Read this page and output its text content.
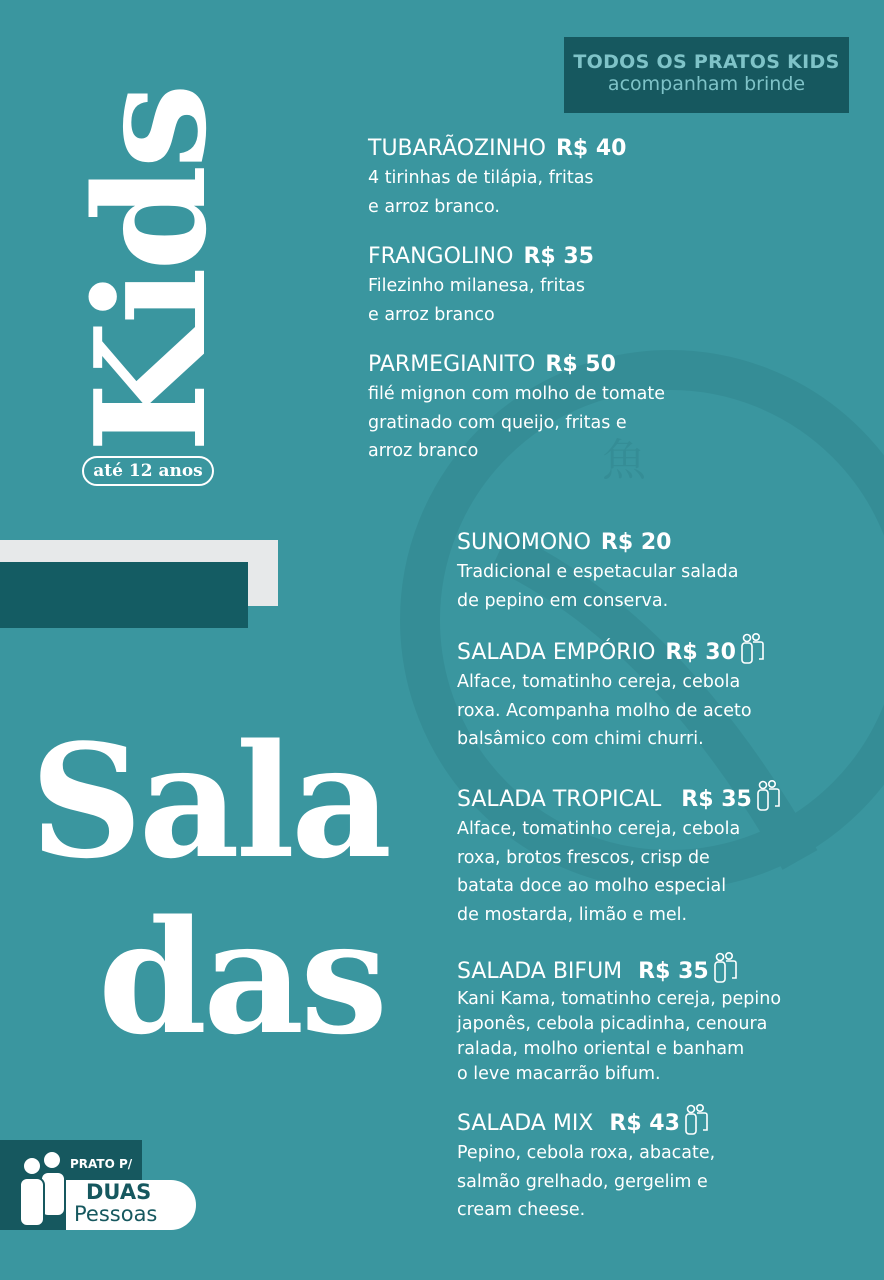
魚
TODOS OS PRATOS KIDS
acompanham brinde
Kids
até 12 anos
TUBARÃOZINHO R$ 40
4 tirinhas de tilápia, fritas
e arroz branco.
FRANGOLINO R$ 35
Filezinho milanesa, fritas
e arroz branco
PARMEGIANITO R$ 50
filé mignon com molho de tomate
gratinado com queijo, fritas e
arroz branco
Sala
das
SUNOMONO R$ 20
Tradicional e espetacular salada
de pepino em conserva.
SALADA EMPÓRIO R$ 30
Alface, tomatinho cereja, cebola
roxa. Acompanha molho de aceto
balsâmico com chimi churri.
SALADA TROPICAL R$ 35
Alface, tomatinho cereja, cebola
roxa, brotos frescos, crisp de
batata doce ao molho especial
de mostarda, limão e mel.
SALADA BIFUM R$ 35
Kani Kama, tomatinho cereja, pepino
japonês, cebola picadinha, cenoura
ralada, molho oriental e banham
o leve macarrão bifum.
SALADA MIX R$ 43
Pepino, cebola roxa, abacate,
salmão grelhado, gergelim e
cream cheese.
PRATO P/
DUAS
Pessoas
